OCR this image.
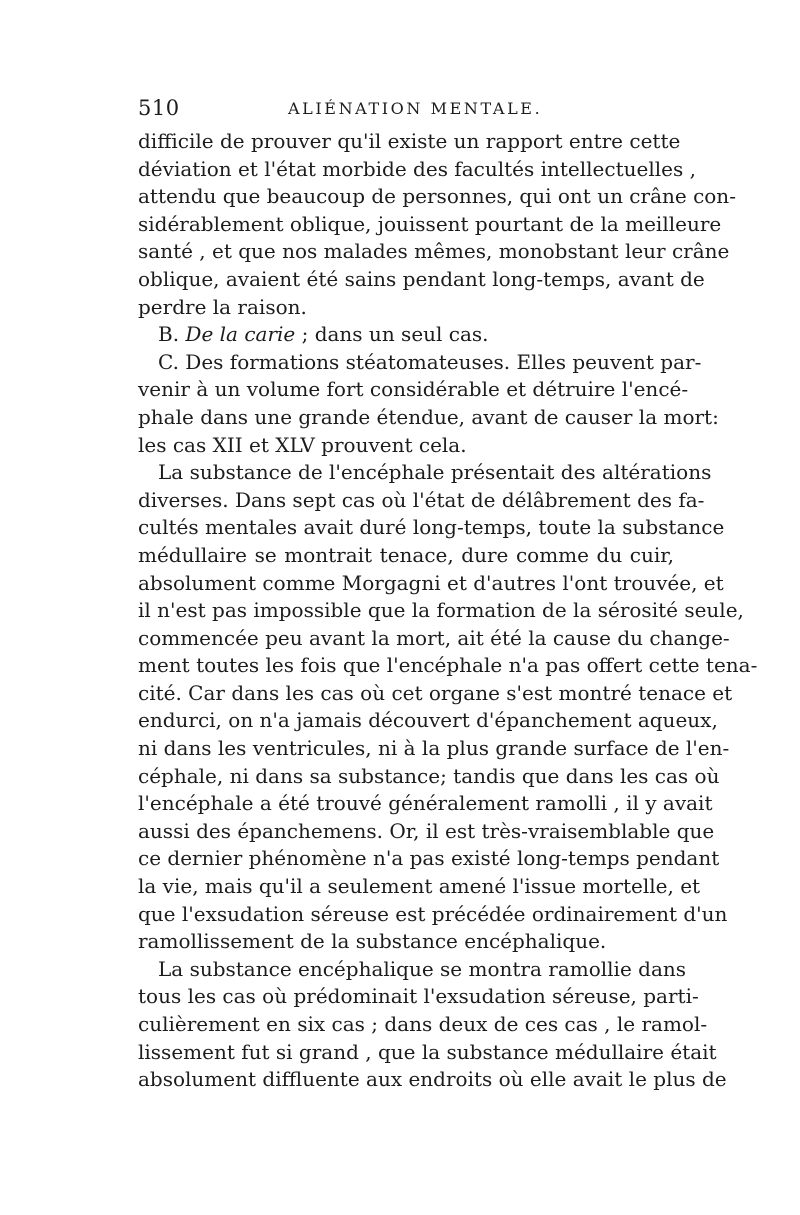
510	ALIÉNATION MENTALE.
difficile de prouver qu'il existe un rapport entre cette
déviation et l'état morbide des facultés intellectuelles ,
attendu que beaucoup de personnes, qui ont un crâne con-
sidérablement oblique, jouissent pourtant de la meilleure
santé , et que nos malades mêmes, monobstant leur crâne
oblique, avaient été sains pendant long-temps, avant de
perdre la raison.
B. De la carie ; dans un seul cas.
C. Des formations stéatomateuses. Elles peuvent par-
venir à un volume fort considérable et détruire l'encé-
phale dans une grande étendue, avant de causer la mort:
les cas XII et XLV prouvent cela.
La substance de l'encéphale présentait des altérations
diverses. Dans sept cas où l'état de délâbrement des fa-
cultés mentales avait duré long-temps, toute la substance
médullaire se montrait tenace, dure comme du cuir,
absolument comme Morgagni et d'autres l'ont trouvée, et
il n'est pas impossible que la formation de la sérosité seule,
commencée peu avant la mort, ait été la cause du change-
ment toutes les fois que l'encéphale n'a pas offert cette tena-
cité. Car dans les cas où cet organe s'est montré tenace et
endurci, on n'a jamais découvert d'épanchement aqueux,
ni dans les ventricules, ni à la plus grande surface de l'en-
céphale, ni dans sa substance; tandis que dans les cas où
l'encéphale a été trouvé généralement ramolli , il y avait
aussi des épanchemens. Or, il est très-vraisemblable que
ce dernier phénomène n'a pas existé long-temps pendant
la vie, mais qu'il a seulement amené l'issue mortelle, et
que l'exsudation séreuse est précédée ordinairement d'un
ramollissement de la substance encéphalique.
La substance encéphalique se montra ramollie dans
tous les cas où prédominait l'exsudation séreuse, parti-
culièrement en six cas ; dans deux de ces cas , le ramol-
lissement fut si grand , que la substance médullaire était
absolument diffluente aux endroits où elle avait le plus de
